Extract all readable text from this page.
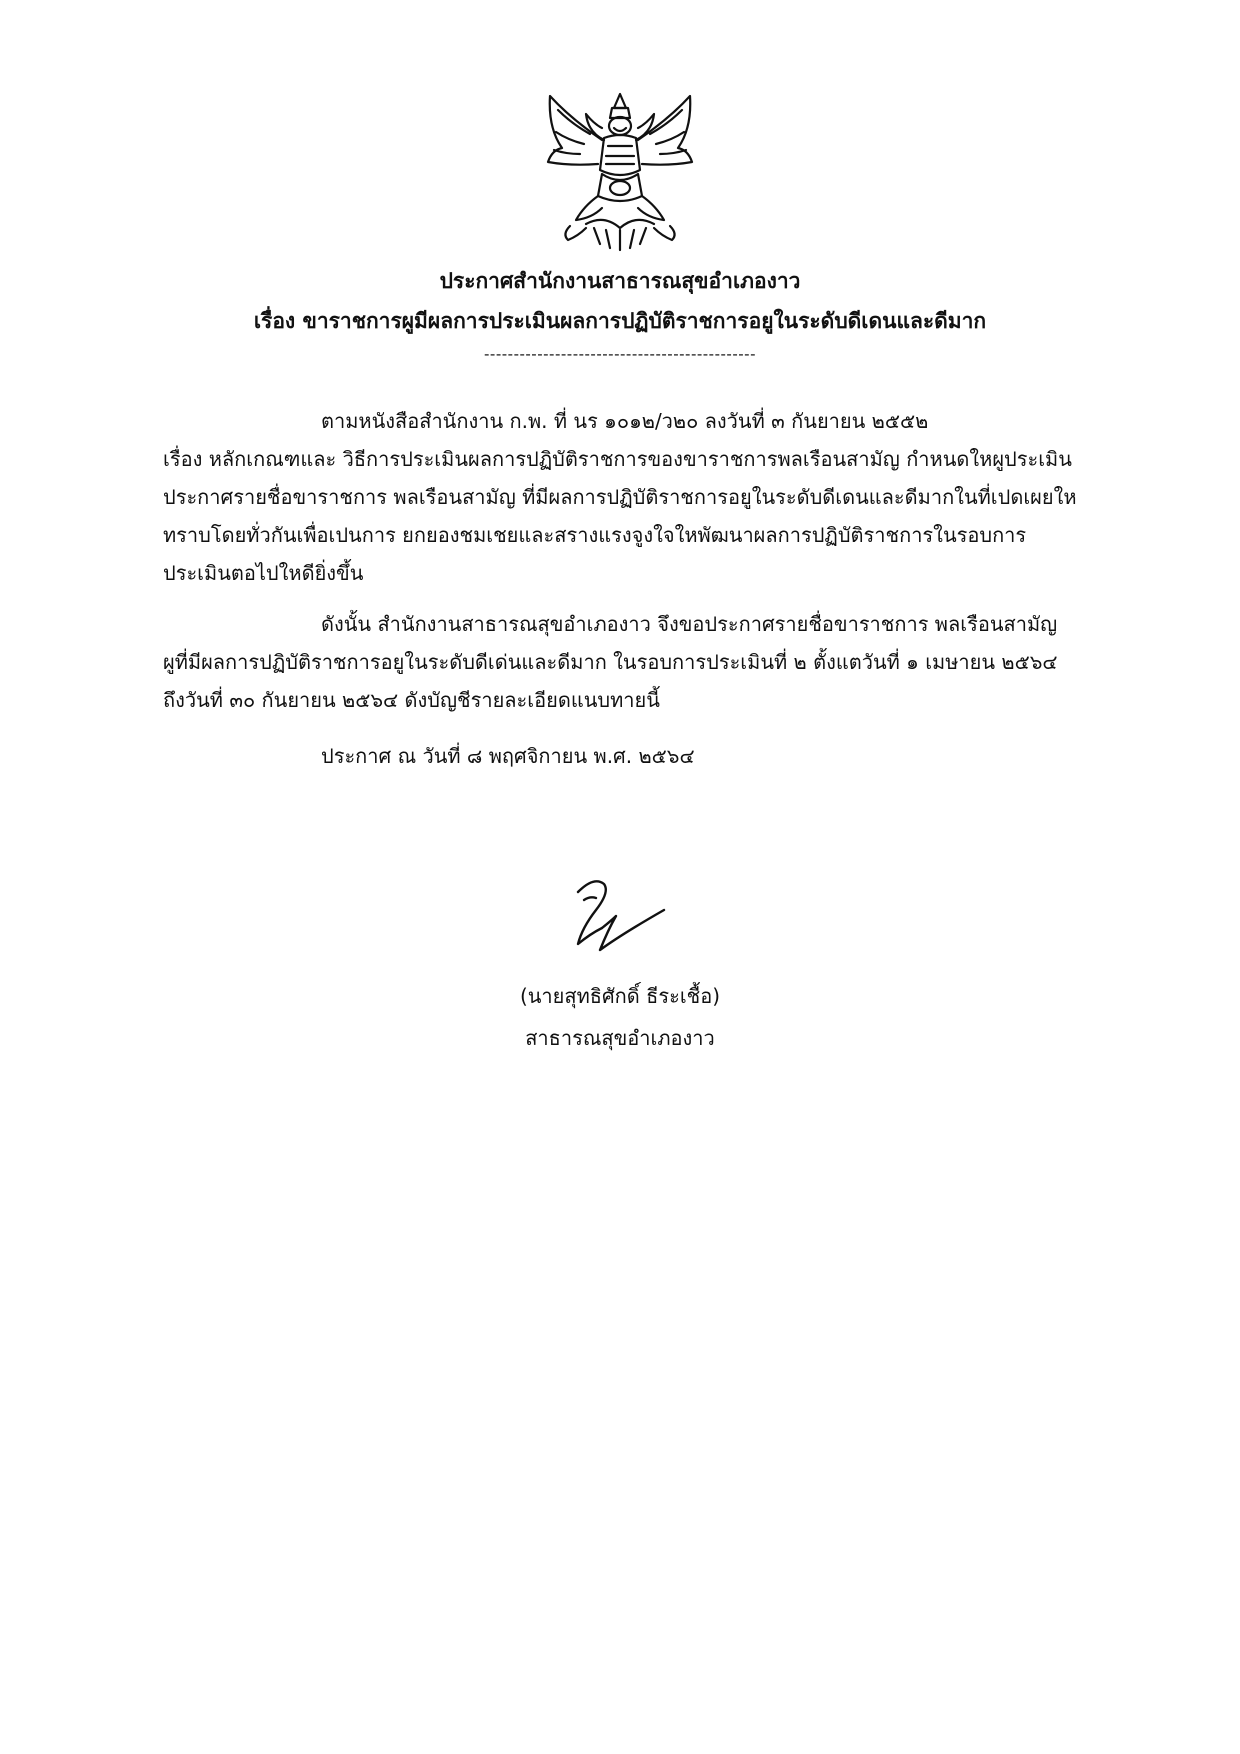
ประกาศสำนักงานสาธารณสุขอำเภองาว
เรื่อง ขาราชการผูมีผลการประเมินผลการปฏิบัติราชการอยูในระดับดีเดนและดีมาก
----------------------------------------------
ตามหนังสือสำนักงาน ก.พ. ที่ นร ๑๐๑๒/ว๒๐ ลงวันที่ ๓ กันยายน ๒๕๕๒
เรื่อง หลักเกณฑและ วิธีการประเมินผลการปฏิบัติราชการของขาราชการพลเรือนสามัญ กำหนดใหผูประเมิน
ประกาศรายชื่อขาราชการ พลเรือนสามัญ ที่มีผลการปฏิบัติราชการอยูในระดับดีเดนและดีมากในที่เปดเผยให
ทราบโดยทั่วกันเพื่อเปนการ ยกยองชมเชยและสรางแรงจูงใจใหพัฒนาผลการปฏิบัติราชการในรอบการ
ประเมินตอไปใหดียิ่งขึ้น
ดังนั้น สำนักงานสาธารณสุขอำเภองาว จึงขอประกาศรายชื่อขาราชการ พลเรือนสามัญ
ผูที่มีผลการปฏิบัติราชการอยูในระดับดีเด่นและดีมาก ในรอบการประเมินที่ ๒ ตั้งแตวันที่ ๑ เมษายน ๒๕๖๔
ถึงวันที่ ๓๐ กันยายน ๒๕๖๔ ดังบัญชีรายละเอียดแนบทายนี้
ประกาศ ณ วันที่ ๘ พฤศจิกายน พ.ศ. ๒๕๖๔
(นายสุทธิศักดิ์ ธีระเชื้อ)
สาธารณสุขอำเภองาว
